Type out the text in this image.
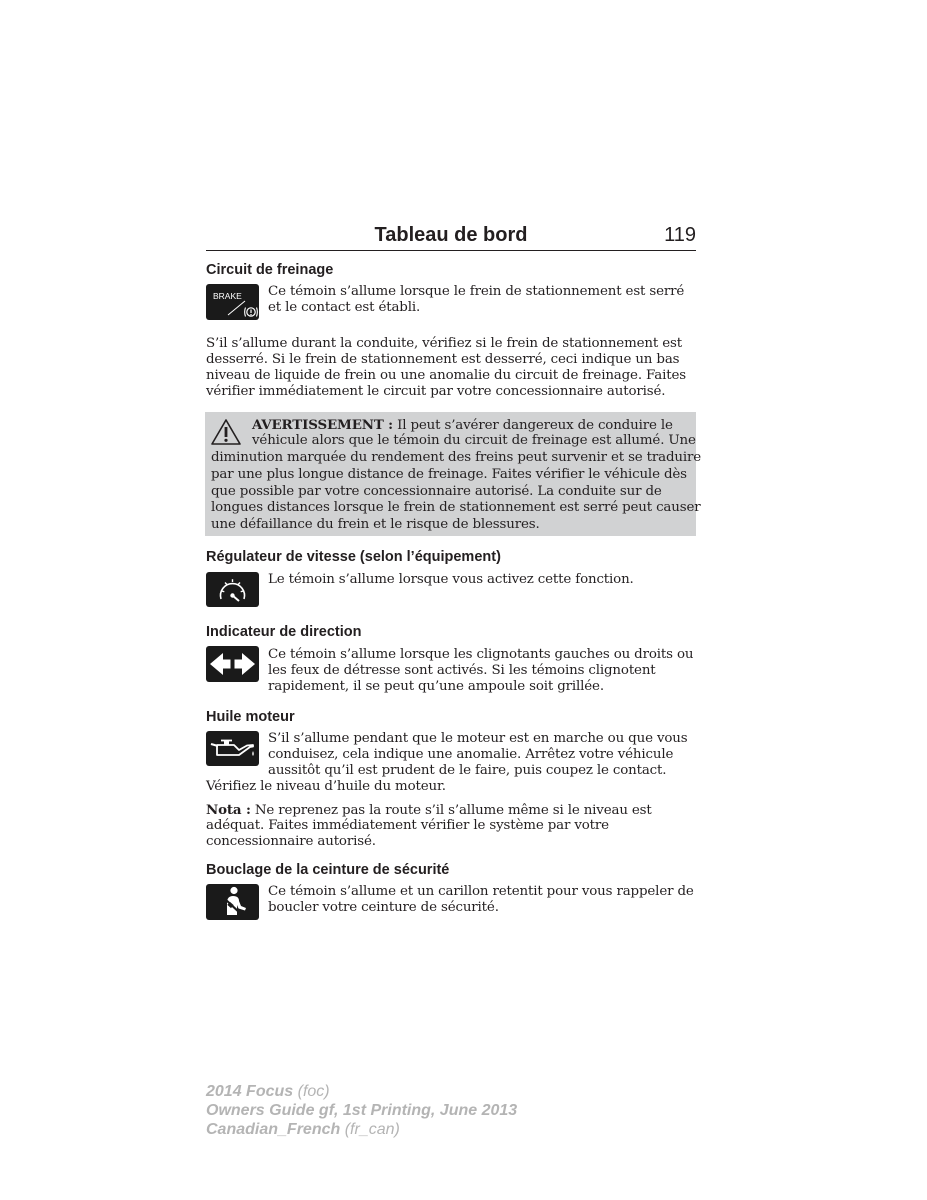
Tableau de bord	119
Circuit de freinage
BRAKE Ce témoin s’allume lorsque le frein de stationnement est serré
et le contact est établi.
S’il s’allume durant la conduite, vérifiez si le frein de stationnement est
desserré. Si le frein de stationnement est desserré, ceci indique un bas
niveau de liquide de frein ou une anomalie du circuit de freinage. Faites
vérifier immédiatement le circuit par votre concessionnaire autorisé.
AVERTISSEMENT : Il peut s’avérer dangereux de conduire le
véhicule alors que le témoin du circuit de freinage est allumé. Une
diminution marquée du rendement des freins peut survenir et se traduire
par une plus longue distance de freinage. Faites vérifier le véhicule dès
que possible par votre concessionnaire autorisé. La conduite sur de
longues distances lorsque le frein de stationnement est serré peut causer
une défaillance du frein et le risque de blessures.
Régulateur de vitesse (selon l’équipement)
Le témoin s’allume lorsque vous activez cette fonction.
Indicateur de direction
Ce témoin s’allume lorsque les clignotants gauches ou droits ou
les feux de détresse sont activés. Si les témoins clignotent
rapidement, il se peut qu’une ampoule soit grillée.
Huile moteur
S’il s’allume pendant que le moteur est en marche ou que vous
conduisez, cela indique une anomalie. Arrêtez votre véhicule
aussitôt qu’il est prudent de le faire, puis coupez le contact.
Vérifiez le niveau d’huile du moteur.
Nota : Ne reprenez pas la route s’il s’allume même si le niveau est
adéquat. Faites immédiatement vérifier le système par votre
concessionnaire autorisé.
Bouclage de la ceinture de sécurité
Ce témoin s’allume et un carillon retentit pour vous rappeler de
boucler votre ceinture de sécurité.
2014 Focus (foc)
Owners Guide gf, 1st Printing, June 2013
Canadian_French (fr_can)
